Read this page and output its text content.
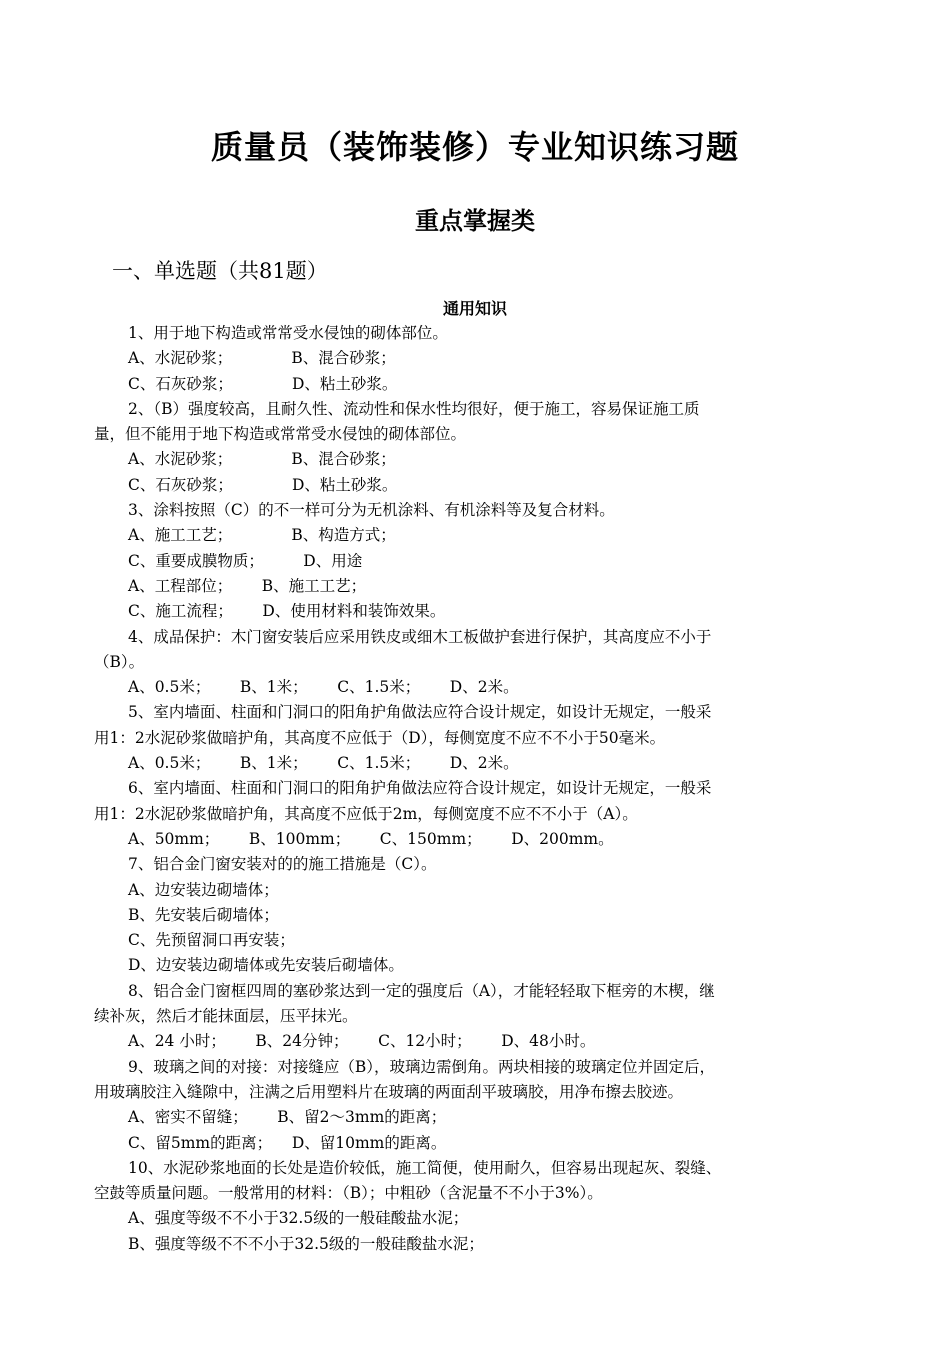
质量员（装饰装修）专业知识练习题
重点掌握类
一、单选题（共81题）
通用知识
1、用于地下构造或常常受水侵蚀的砌体部位。
A、水泥砂浆；            B、混合砂浆；
C、石灰砂浆；            D、粘土砂浆。
2、（B）强度较高，且耐久性、流动性和保水性均很好，便于施工，容易保证施工质
量，但不能用于地下构造或常常受水侵蚀的砌体部位。
A、水泥砂浆；            B、混合砂浆；
C、石灰砂浆；            D、粘土砂浆。
3、涂料按照（C）的不一样可分为无机涂料、有机涂料等及复合材料。
A、施工工艺；            B、构造方式；
C、重要成膜物质；        D、用途
A、工程部位；      B、施工工艺；
C、施工流程；      D、使用材料和装饰效果。
4、成品保护：木门窗安装后应采用铁皮或细木工板做护套进行保护，其高度应不小于
（B）。
A、0.5米；      B、1米；      C、1.5米；      D、2米。
5、室内墙面、柱面和门洞口的阳角护角做法应符合设计规定，如设计无规定，一般采
用1：2水泥砂浆做暗护角，其高度不应低于（D），每侧宽度不应不不小于50毫米。
A、0.5米；      B、1米；      C、1.5米；      D、2米。
6、室内墙面、柱面和门洞口的阳角护角做法应符合设计规定，如设计无规定，一般采
用1：2水泥砂浆做暗护角，其高度不应低于2m，每侧宽度不应不不小于（A）。
A、50mm；      B、100mm；      C、150mm；      D、200mm。
7、铝合金门窗安装对的的施工措施是（C）。
A、边安装边砌墙体；
B、先安装后砌墙体；
C、先预留洞口再安装；
D、边安装边砌墙体或先安装后砌墙体。
8、铝合金门窗框四周的塞砂浆达到一定的强度后（A），才能轻轻取下框旁的木楔，继
续补灰，然后才能抹面层，压平抹光。
A、24 小时；      B、24分钟；      C、12小时；      D、48小时。
9、玻璃之间的对接：对接缝应（B），玻璃边需倒角。两块相接的玻璃定位并固定后，
用玻璃胶注入缝隙中，注满之后用塑料片在玻璃的两面刮平玻璃胶，用净布擦去胶迹。
A、密实不留缝；      B、留2～3mm的距离；
C、留5mm的距离；    D、留10mm的距离。
10、水泥砂浆地面的长处是造价较低，施工简便，使用耐久，但容易出现起灰、裂缝、
空鼓等质量问题。一般常用的材料：（B）；中粗砂（含泥量不不小于3%）。
A、强度等级不不小于32.5级的一般硅酸盐水泥；
B、强度等级不不不小于32.5级的一般硅酸盐水泥；
